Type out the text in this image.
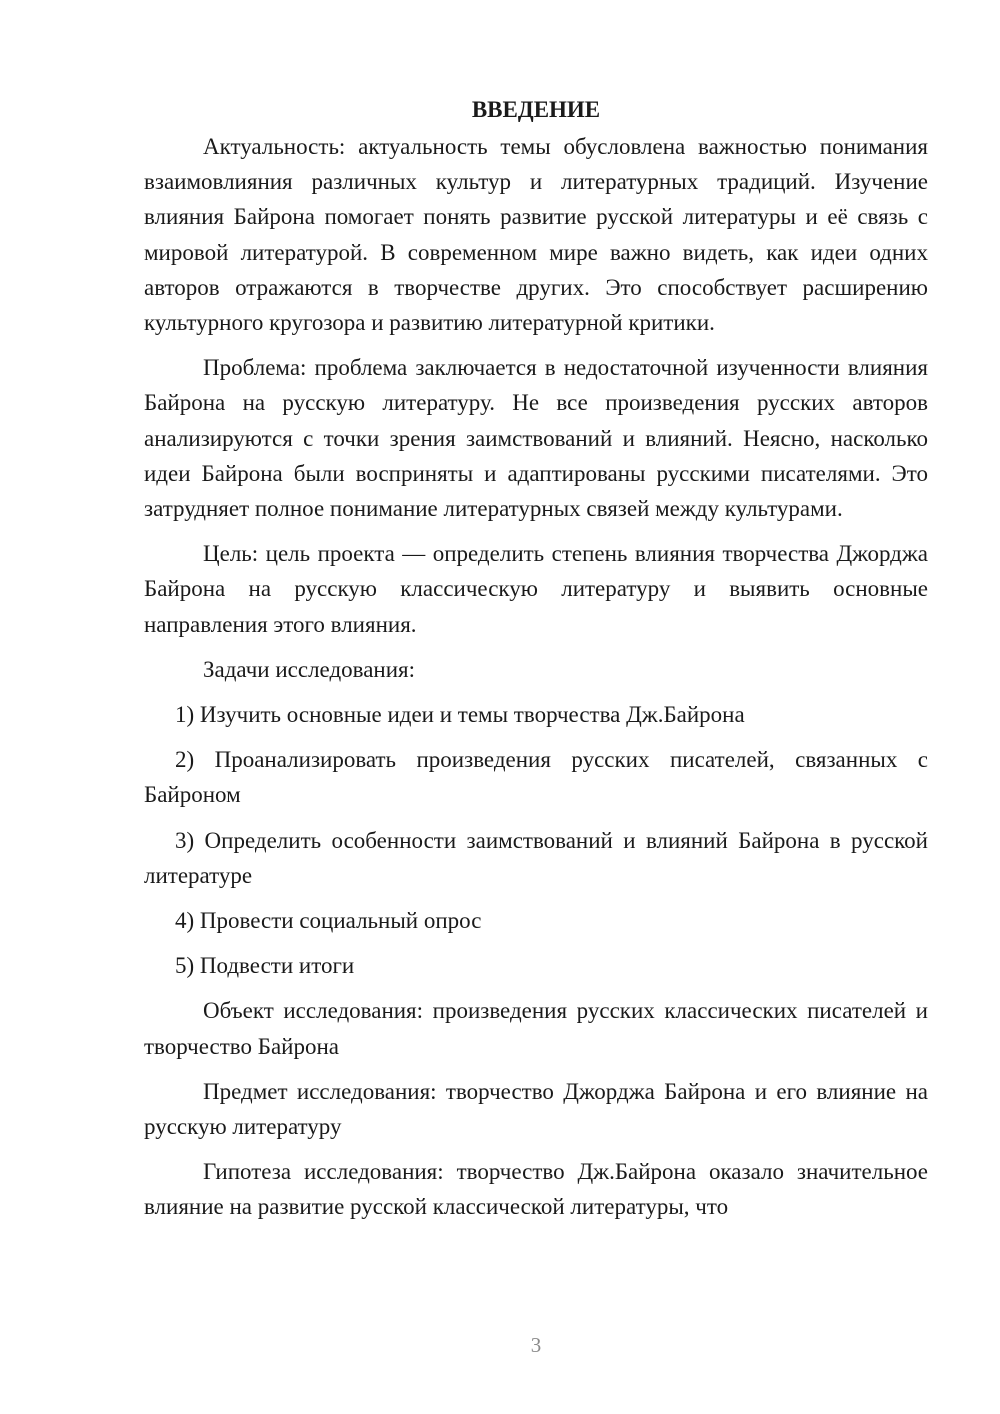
ВВЕДЕНИЕ

Актуальность: актуальность темы обусловлена важностью понимания взаимовлияния различных культур и литературных традиций. Изучение влияния Байрона помогает понять развитие русской литературы и её связь с мировой литературой. В современном мире важно видеть, как идеи одних авторов отражаются в творчестве других. Это способствует расширению культурного кругозора и развитию литературной критики.

Проблема: проблема заключается в недостаточной изученности влияния Байрона на русскую литературу. Не все произведения русских авторов анализируются с точки зрения заимствований и влияний. Неясно, насколько идеи Байрона были восприняты и адаптированы русскими писателями. Это затрудняет полное понимание литературных связей между культурами.

Цель: цель проекта — определить степень влияния творчества Джорджа Байрона на русскую классическую литературу и выявить основные направления этого влияния.

Задачи исследования:

1) Изучить основные идеи и темы творчества Дж.Байрона

2) Проанализировать произведения русских писателей, связанных с Байроном

3) Определить особенности заимствований и влияний Байрона в русской литературе

4) Провести социальный опрос

5) Подвести итоги

Объект исследования: произведения русских классических писателей и творчество Байрона

Предмет исследования: творчество Джорджа Байрона и его влияние на русскую литературу

Гипотеза исследования: творчество Дж.Байрона оказало значительное влияние на развитие русской классической литературы, что

3
